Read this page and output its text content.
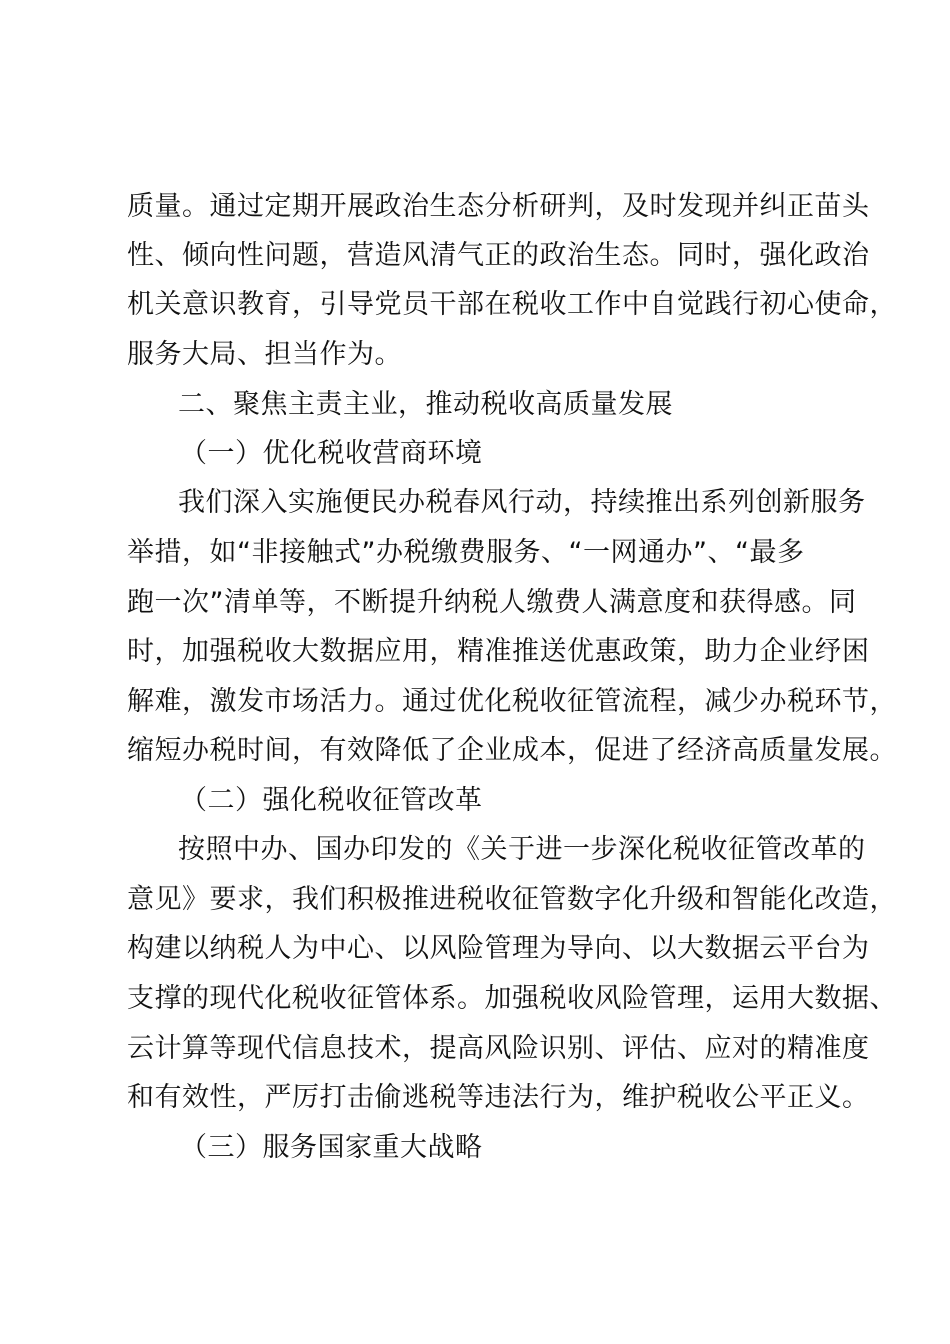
质量。通过定期开展政治生态分析研判，及时发现并纠正苗头
性、倾向性问题，营造风清气正的政治生态。同时，强化政治
机关意识教育，引导党员干部在税收工作中自觉践行初心使命，
服务大局、担当作为。
二、聚焦主责主业，推动税收高质量发展
（一）优化税收营商环境
我们深入实施便民办税春风行动，持续推出系列创新服务
举措，如“非接触式”办税缴费服务、“一网通办”、“最多
跑一次”清单等，不断提升纳税人缴费人满意度和获得感。同
时，加强税收大数据应用，精准推送优惠政策，助力企业纾困
解难，激发市场活力。通过优化税收征管流程，减少办税环节，
缩短办税时间，有效降低了企业成本，促进了经济高质量发展。
（二）强化税收征管改革
按照中办、国办印发的《关于进一步深化税收征管改革的
意见》要求，我们积极推进税收征管数字化升级和智能化改造，
构建以纳税人为中心、以风险管理为导向、以大数据云平台为
支撑的现代化税收征管体系。加强税收风险管理，运用大数据、
云计算等现代信息技术，提高风险识别、评估、应对的精准度
和有效性，严厉打击偷逃税等违法行为，维护税收公平正义。
（三）服务国家重大战略
